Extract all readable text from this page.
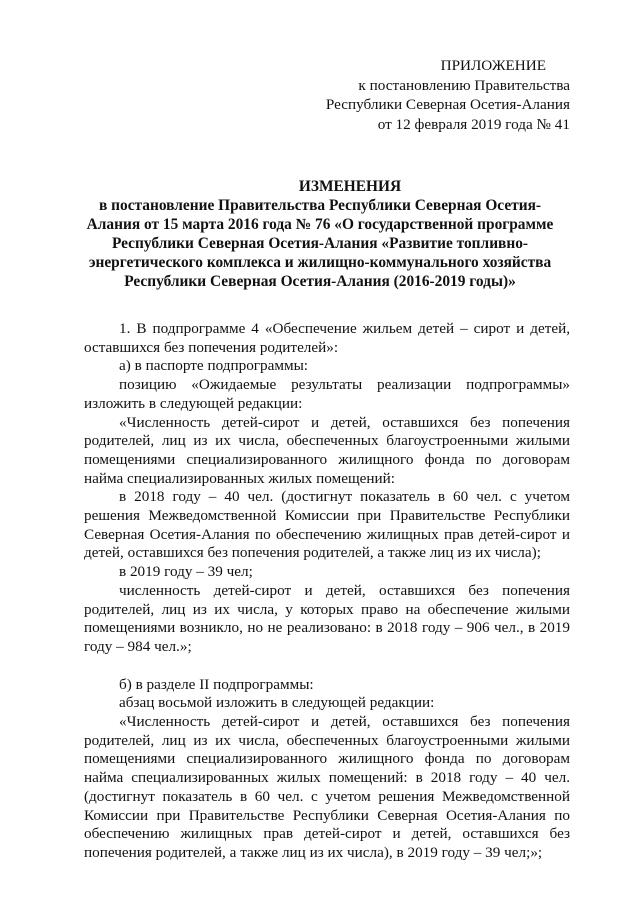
ПРИЛОЖЕНИЕ
к постановлению Правительства
Республики Северная Осетия-Алания
от 12 февраля 2019 года № 41
ИЗМЕНЕНИЯ
в постановление Правительства Республики Северная Осетия-Алания от 15 марта 2016 года № 76 «О государственной программе Республики Северная Осетия-Алания «Развитие топливно-энергетического комплекса и жилищно-коммунального хозяйства Республики Северная Осетия-Алания (2016-2019 годы)»

1. В подпрограмме 4 «Обеспечение жильем детей – сирот и детей, оставшихся без попечения родителей»:

а) в паспорте подпрограммы:

позицию «Ожидаемые результаты реализации подпрограммы» изложить в следующей редакции:

«Численность детей-сирот и детей, оставшихся без попечения родителей, лиц из их числа, обеспеченных благоустроенными жилыми помещениями специализированного жилищного фонда по договорам найма специализированных жилых помещений:

в 2018 году – 40 чел. (достигнут показатель в 60 чел. с учетом решения Межведомственной Комиссии при Правительстве Республики Северная Осетия-Алания по обеспечению жилищных прав детей-сирот и детей, оставшихся без попечения родителей, а также лиц из их числа);

в 2019 году – 39 чел;

численность детей-сирот и детей, оставшихся без попечения родителей, лиц из их числа, у которых право на обеспечение жилыми помещениями возникло, но не реализовано: в 2018 году – 906 чел., в 2019 году – 984 чел.»;

б) в разделе II подпрограммы:

абзац восьмой изложить в следующей редакции:

«Численность детей-сирот и детей, оставшихся без попечения родителей, лиц из их числа, обеспеченных благоустроенными жилыми помещениями специализированного жилищного фонда по договорам найма специализированных жилых помещений: в 2018 году – 40 чел. (достигнут показатель в 60 чел. с учетом решения Межведомственной Комиссии при Правительстве Республики Северная Осетия-Алания по обеспечению жилищных прав детей-сирот и детей, оставшихся без попечения родителей, а также лиц из их числа), в 2019 году – 39 чел;»;
